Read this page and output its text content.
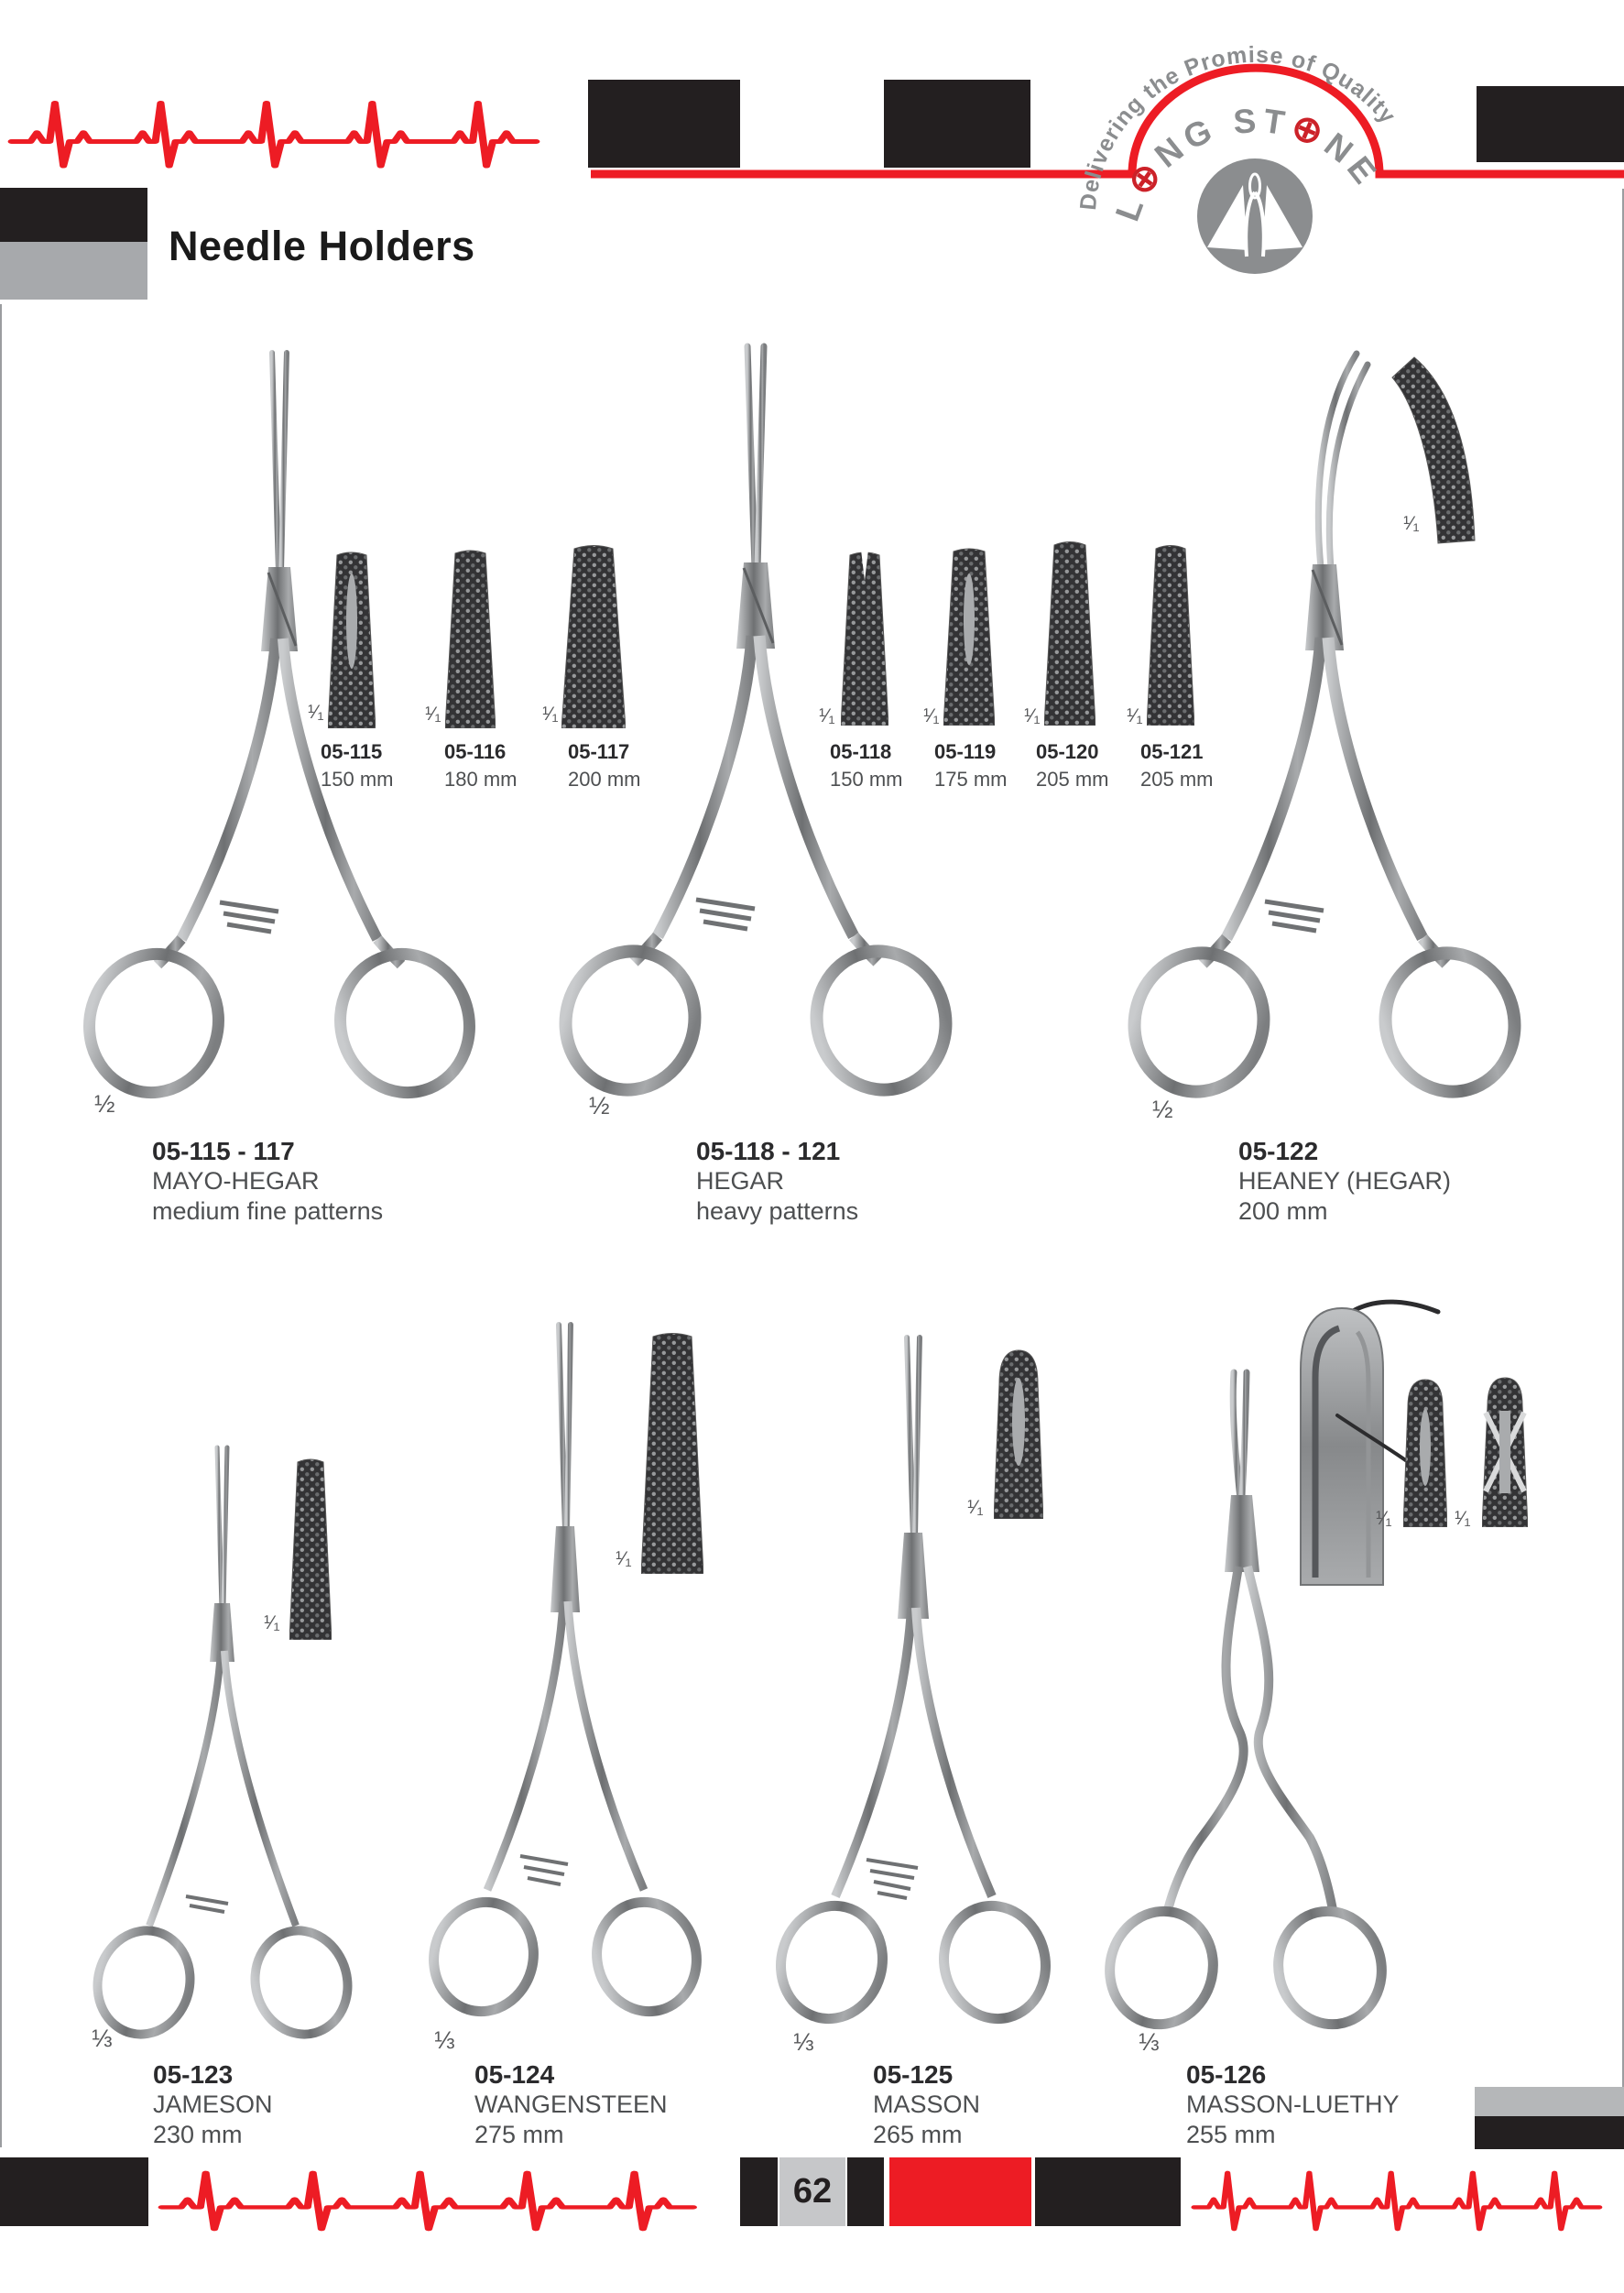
Delivering the Promise of Quality
L⊕NG ST⊕NE
Needle Holders
¹⁄₁	¹⁄₁	¹⁄₁	¹⁄₁	¹⁄₁	¹⁄₁	¹⁄₁
¹⁄₁
05-115
150 mm
05-116
180 mm
05-117
200 mm
05-118
150 mm
05-119
175 mm
05-120
205 mm
05-121
205 mm
½	½	½
05-115 - 117
MAYO-HEGAR
medium fine patterns
05-118 - 121
HEGAR
heavy patterns
05-122
HEANEY (HEGAR)
200 mm
¹⁄₁
¹⁄₁
¹⁄₁
¹⁄₁	¹⁄₁
⅓	⅓	⅓	⅓
05-123
JAMESON
230 mm
05-124
WANGENSTEEN
275 mm
05-125
MASSON
265 mm
05-126
MASSON-LUETHY
255 mm
62
